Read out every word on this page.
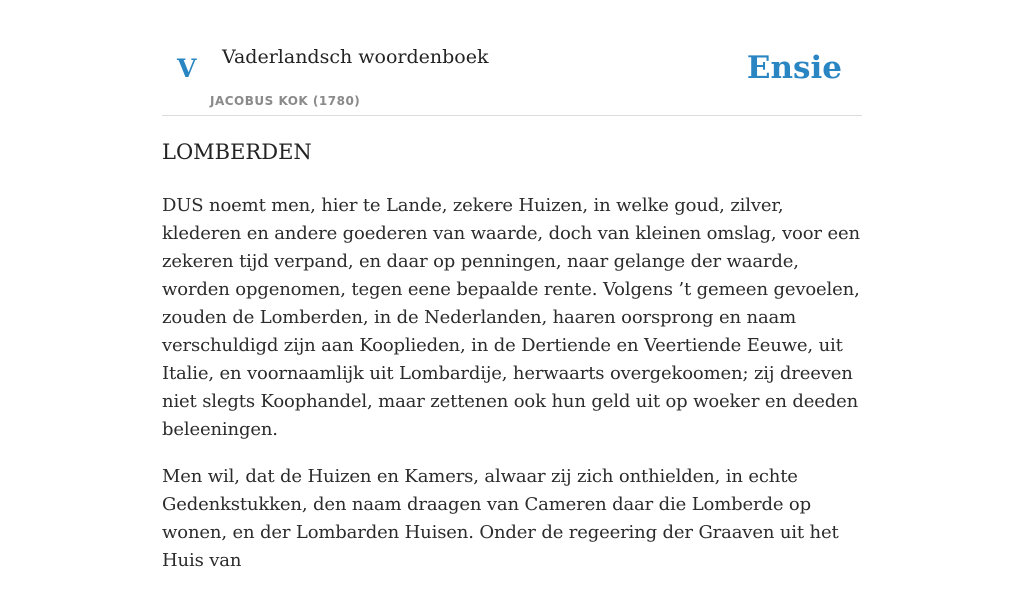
V Vaderlandsch woordenboek
JACOBUS KOK (1780)
Ensie
LOMBERDEN

DUS noemt men, hier te Lande, zekere Huizen, in welke goud, zilver, klederen en andere goederen van waarde, doch van kleinen omslag, voor een zekeren tijd verpand, en daar op penningen, naar gelange der waarde, worden opgenomen, tegen eene bepaalde rente. Volgens ’t gemeen gevoelen, zouden de Lomberden, in de Nederlanden, haaren oorsprong en naam verschuldigd zijn aan Kooplieden, in de Dertiende en Veertiende Eeuwe, uit Italie, en voornaamlijk uit Lombardije, herwaarts overgekoomen; zij dreeven niet slegts Koophandel, maar zettenen ook hun geld uit op woeker en deeden beleeningen.

Men wil, dat de Huizen en Kamers, alwaar zij zich onthielden, in echte Gedenkstukken, den naam draagen van Cameren daar die Lomberde op wonen, en der Lombarden Huisen. Onder de regeering der Graaven uit het Huis van
